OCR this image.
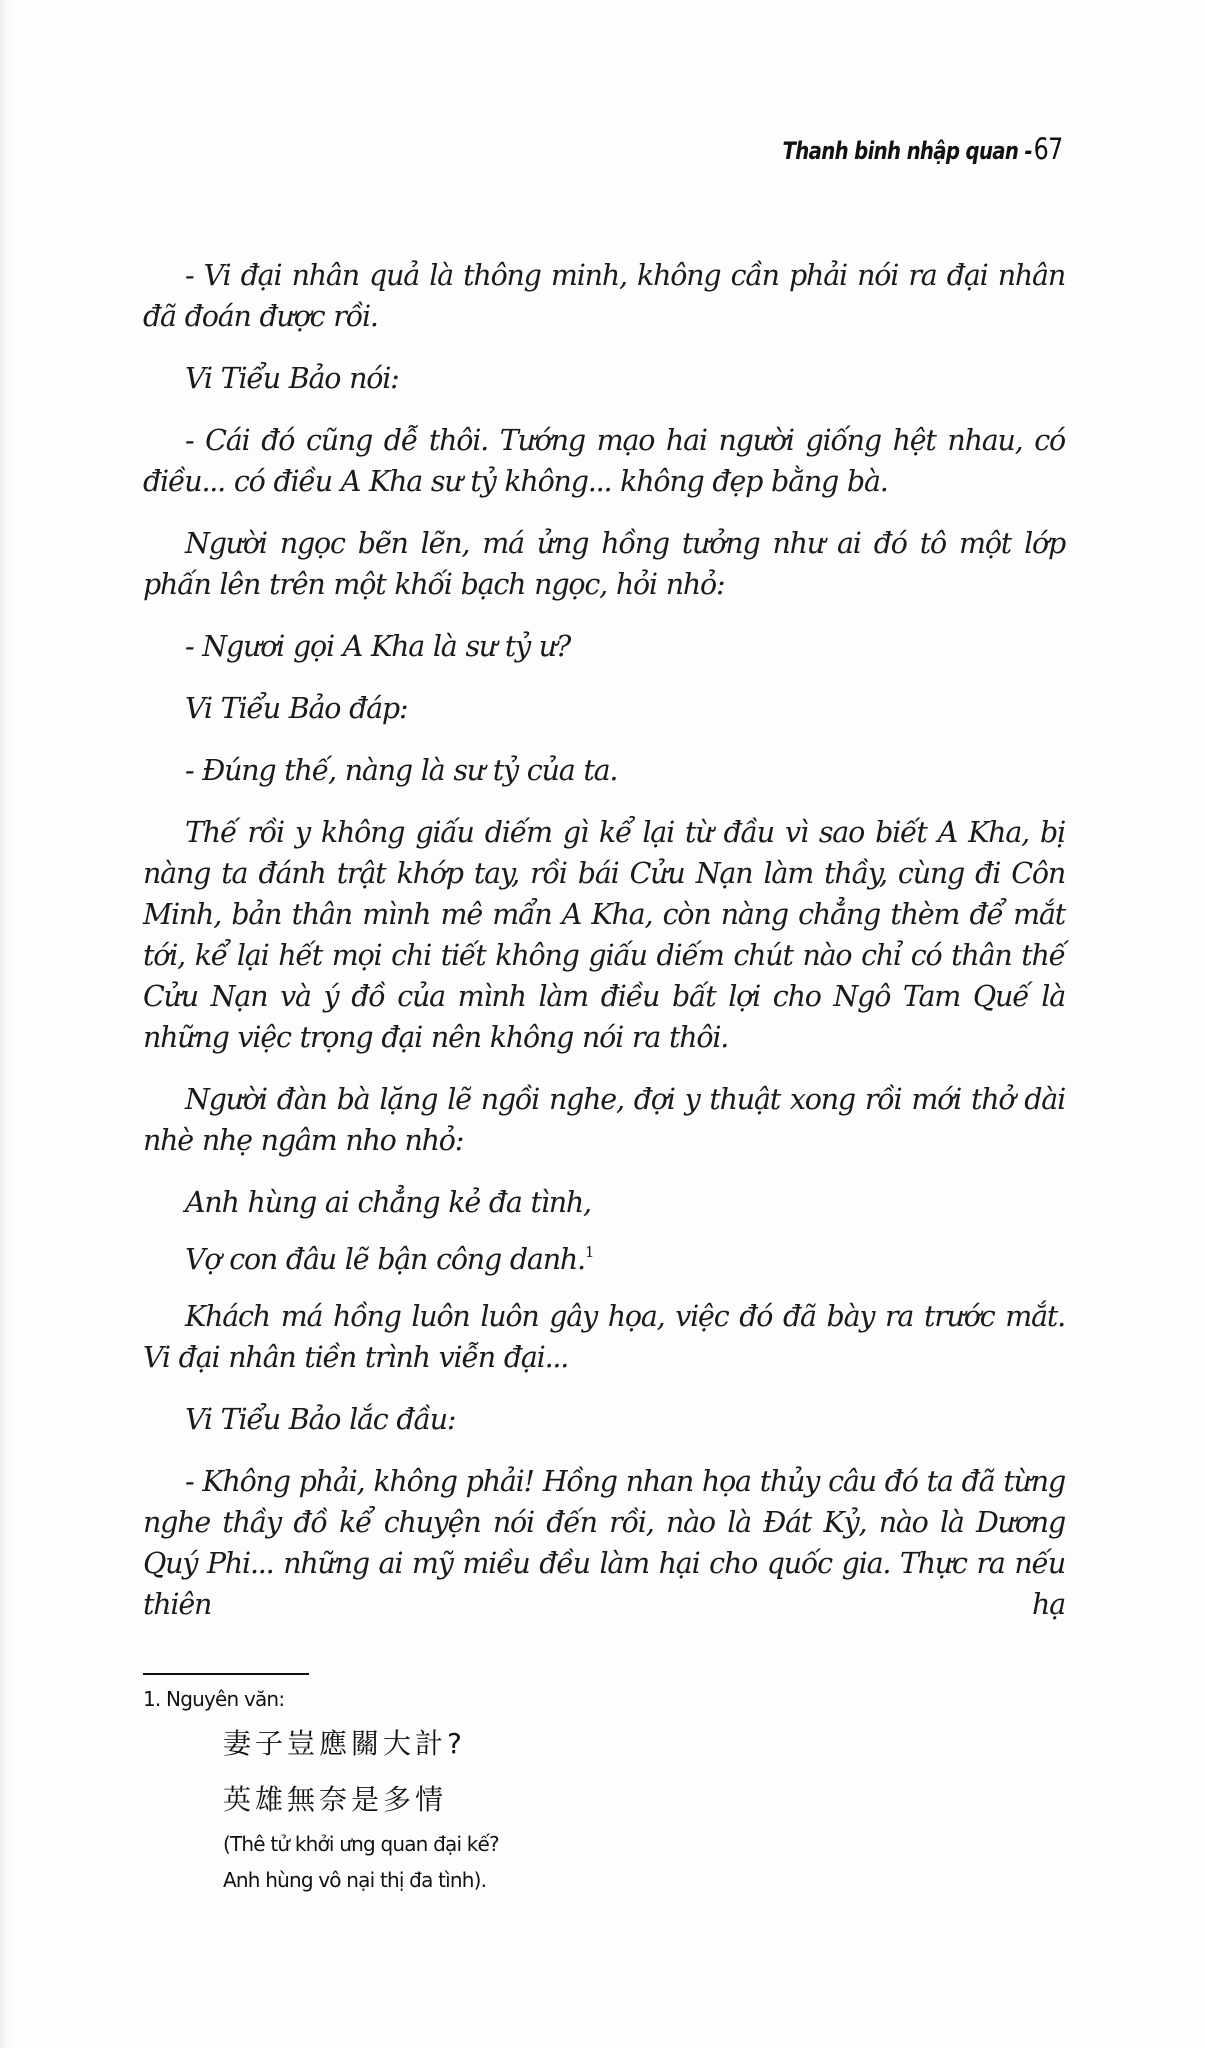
Thanh binh nhập quan -67

- Vi đại nhân quả là thông minh, không cần phải nói ra đại nhân đã đoán được rồi.

Vi Tiểu Bảo nói:

- Cái đó cũng dễ thôi. Tướng mạo hai người giống hệt nhau, có điều... có điều A Kha sư tỷ không... không đẹp bằng bà.

Người ngọc bẽn lẽn, má ửng hồng tưởng như ai đó tô một lớp phấn lên trên một khối bạch ngọc, hỏi nhỏ:

- Ngươi gọi A Kha là sư tỷ ư?

Vi Tiểu Bảo đáp:

- Đúng thế, nàng là sư tỷ của ta.

Thế rồi y không giấu diếm gì kể lại từ đầu vì sao biết A Kha, bị nàng ta đánh trật khớp tay, rồi bái Cửu Nạn làm thầy, cùng đi Côn Minh, bản thân mình mê mẩn A Kha, còn nàng chẳng thèm để mắt tới, kể lại hết mọi chi tiết không giấu diếm chút nào chỉ có thân thế Cửu Nạn và ý đồ của mình làm điều bất lợi cho Ngô Tam Quế là những việc trọng đại nên không nói ra thôi.

Người đàn bà lặng lẽ ngồi nghe, đợi y thuật xong rồi mới thở dài nhè nhẹ ngâm nho nhỏ:

Anh hùng ai chẳng kẻ đa tình,

Vợ con đâu lẽ bận công danh.$^1$

Khách má hồng luôn luôn gây họa, việc đó đã bày ra trước mắt. Vi đại nhân tiền trình viễn đại...

Vi Tiểu Bảo lắc đầu:

- Không phải, không phải! Hồng nhan họa thủy câu đó ta đã từng nghe thầy đồ kể chuyện nói đến rồi, nào là Đát Kỷ, nào là Dương Quý Phi... những ai mỹ miều đều làm hại cho quốc gia. Thực ra nếu thiên hạ

1. Nguyên văn:
妻子豈應關大計?
英雄無奈是多情
(Thê tử khởi ưng quan đại kế?
Anh hùng vô nại thị đa tình).
